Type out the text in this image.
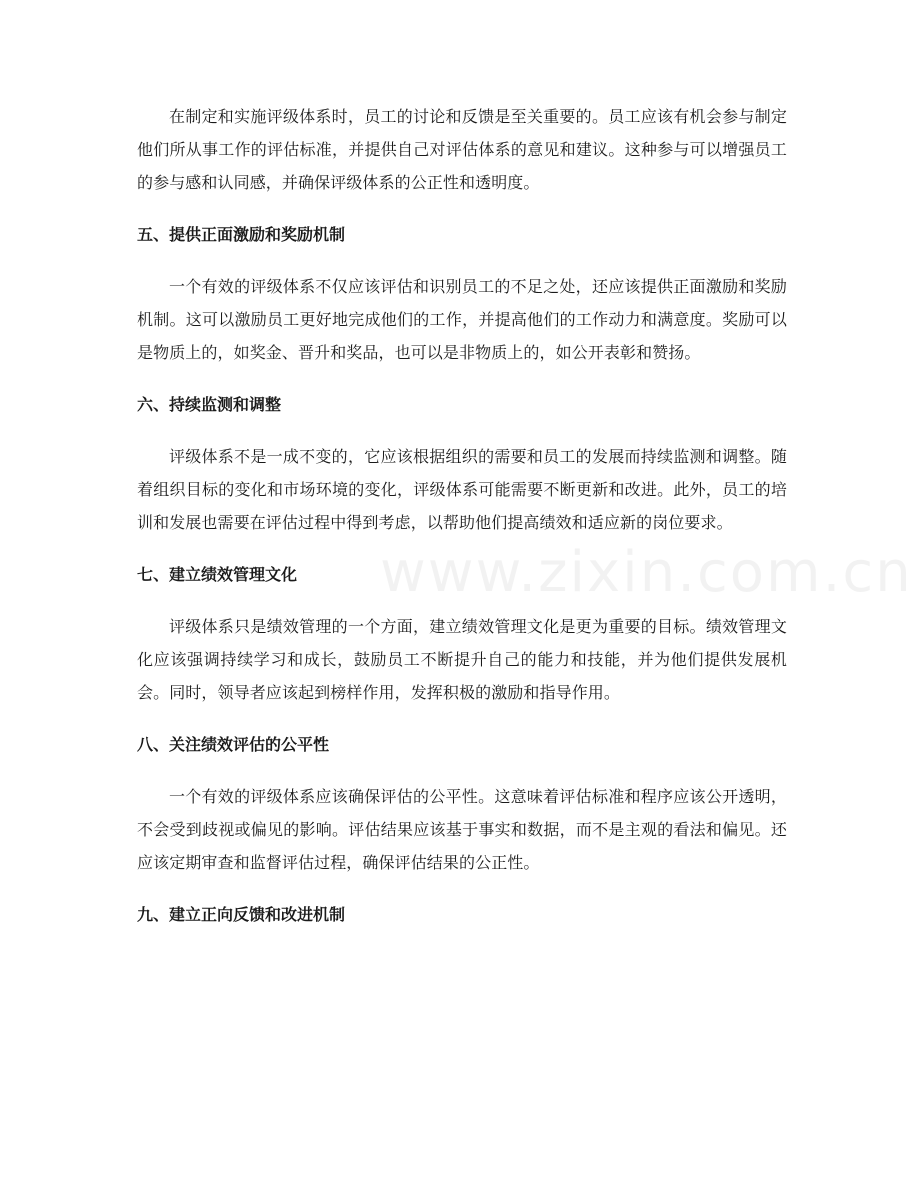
www.zixin.com.cn

在制定和实施评级体系时，员工的讨论和反馈是至关重要的。员工应该有机会参与制定他们所从事工作的评估标准，并提供自己对评估体系的意见和建议。这种参与可以增强员工的参与感和认同感，并确保评级体系的公正性和透明度。

五、提供正面激励和奖励机制

一个有效的评级体系不仅应该评估和识别员工的不足之处，还应该提供正面激励和奖励机制。这可以激励员工更好地完成他们的工作，并提高他们的工作动力和满意度。奖励可以是物质上的，如奖金、晋升和奖品，也可以是非物质上的，如公开表彰和赞扬。

六、持续监测和调整

评级体系不是一成不变的，它应该根据组织的需要和员工的发展而持续监测和调整。随着组织目标的变化和市场环境的变化，评级体系可能需要不断更新和改进。此外，员工的培训和发展也需要在评估过程中得到考虑，以帮助他们提高绩效和适应新的岗位要求。

七、建立绩效管理文化

评级体系只是绩效管理的一个方面，建立绩效管理文化是更为重要的目标。绩效管理文化应该强调持续学习和成长，鼓励员工不断提升自己的能力和技能，并为他们提供发展机会。同时，领导者应该起到榜样作用，发挥积极的激励和指导作用。

八、关注绩效评估的公平性

一个有效的评级体系应该确保评估的公平性。这意味着评估标准和程序应该公开透明，不会受到歧视或偏见的影响。评估结果应该基于事实和数据，而不是主观的看法和偏见。还应该定期审查和监督评估过程，确保评估结果的公正性。

九、建立正向反馈和改进机制
